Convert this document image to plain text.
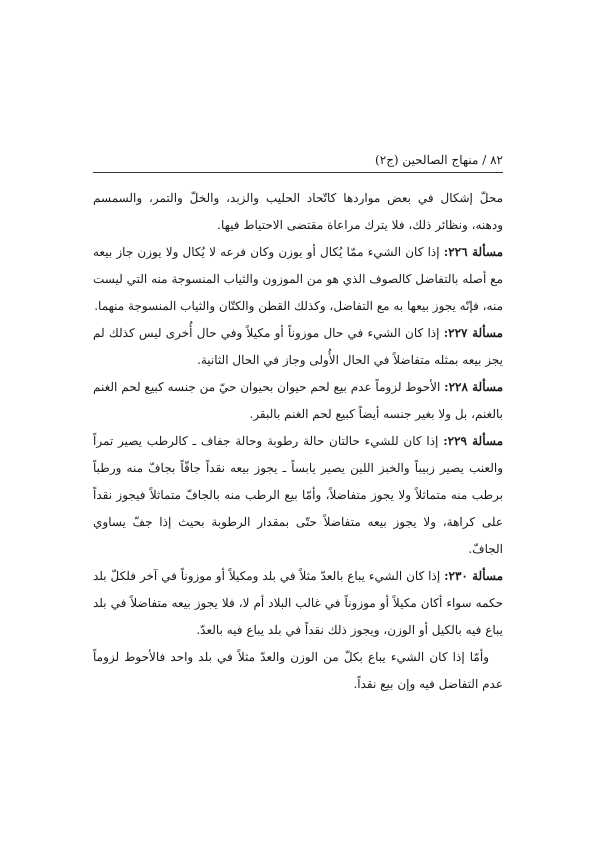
٨٢ / منهاج الصالحين (ج٢)

محلّ إشكال في بعض مواردها كاتّحاد الحليب والزبد، والخلّ والتمر، والسمسم ودهنه، ونظائر ذلك، فلا يترك مراعاة مقتضى الاحتياط فيها.

مسألة ٢٢٦: إذا كان الشيء ممّا يُكال أو يوزن وكان فرعه لا يُكال ولا يوزن جاز بيعه مع أصله بالتفاضل كالصوف الذي هو من الموزون والثياب المنسوجة منه التي ليست منه، فإنّه يجوز بيعها به مع التفاضل، وكذلك القطن والكتّان والثياب المنسوجة منهما.

مسألة ٢٢٧: إذا كان الشيء في حال موزوناً أو مكيلاً وفي حال أُخرى ليس كذلك لم يجز بيعه بمثله متفاضلاً في الحال الأُولى وجاز في الحال الثانية.

مسألة ٢٢٨: الأحوط لزوماً عدم بيع لحم حيوان بحيوان حيّ من جنسه كبيع لحم الغنم بالغنم، بل ولا بغير جنسه أيضاً كبيع لحم الغنم بالبقر.

مسألة ٢٢٩: إذا كان للشيء حالتان حالة رطوبة وحالة جفاف ـ كالرطب يصير تمراً والعنب يصير زبيباً والخبز اللين يصير يابساً ـ يجوز بيعه نقداً جافّاً بجافّ منه ورطباً برطب منه متماثلاً ولا يجوز متفاضلاً، وأمّا بيع الرطب منه بالجافّ متماثلاً فيجوز نقداً على كراهة، ولا يجوز بيعه متفاضلاً حتّى بمقدار الرطوبة بحيث إذا جفّ يساوي الجافّ.

مسألة ٢٣٠: إذا كان الشيء يباع بالعدّ مثلاً في بلد ومكيلاً أو موزوناً في آخر فلكلّ بلد حكمه سواء أكان مكيلاً أو موزوناً في غالب البلاد أم لا، فلا يجوز بيعه متفاضلاً في بلد يباع فيه بالكيل أو الوزن، ويجوز ذلك نقداً في بلد يباع فيه بالعدّ.

وأمّا إذا كان الشيء يباع بكلّ من الوزن والعدّ مثلاً في بلد واحد فالأحوط لزوماً عدم التفاضل فيه وإن بيع نقداً.
